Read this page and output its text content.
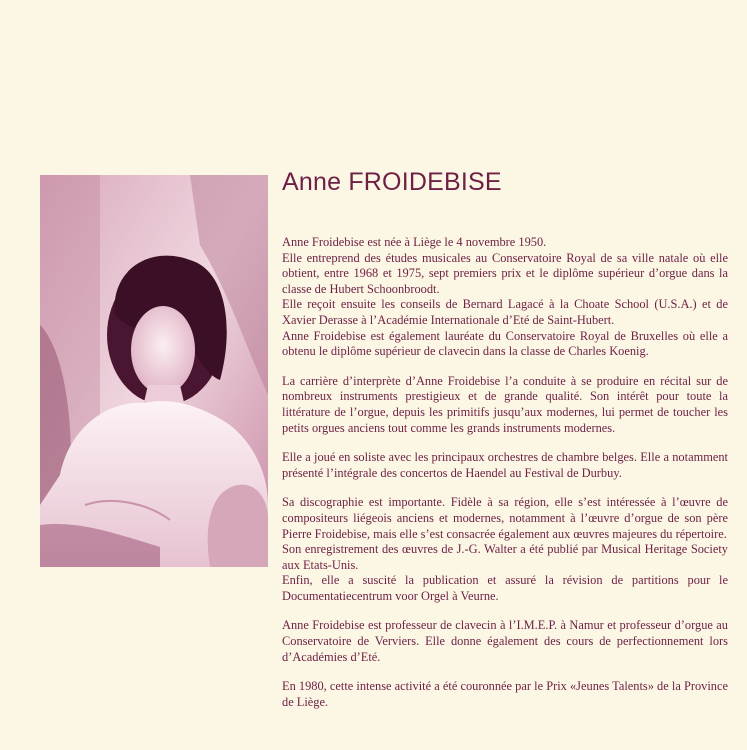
Anne FROIDEBISE

Anne Froidebise est née à Liège le 4 novembre 1950.
Elle entreprend des études musicales au Conservatoire Royal de sa ville natale où elle obtient, entre 1968 et 1975, sept premiers prix et le diplôme supérieur d’orgue dans la classe de Hubert Schoonbroodt.
Elle reçoit ensuite les conseils de Bernard Lagacé à la Choate School (U.S.A.) et de Xavier Derasse à l’Académie Internationale d’Eté de Saint-Hubert.
Anne Froidebise est également lauréate du Conservatoire Royal de Bruxelles où elle a obtenu le diplôme supérieur de clavecin dans la classe de Charles Koenig.

La carrière d’interprète d’Anne Froidebise l’a conduite à se produire en récital sur de nombreux instruments prestigieux et de grande qualité. Son intérêt pour toute la littérature de l’orgue, depuis les primitifs jusqu’aux modernes, lui permet de toucher les petits orgues anciens tout comme les grands instruments modernes.

Elle a joué en soliste avec les principaux orchestres de chambre belges. Elle a notamment présenté l’intégrale des concertos de Haendel au Festival de Durbuy.

Sa discographie est importante. Fidèle à sa région, elle s’est intéressée à l’œuvre de compositeurs liégeois anciens et modernes, notamment à l’œuvre d’orgue de son père Pierre Froidebise, mais elle s’est consacrée également aux œuvres majeures du répertoire.
Son enregistrement des œuvres de J.-G. Walter a été publié par Musical Heritage Society aux Etats-Unis.
Enfin, elle a suscité la publication et assuré la révision de partitions pour le Documentatiecentrum voor Orgel à Veurne.

Anne Froidebise est professeur de clavecin à l’I.M.E.P. à Namur et professeur d’orgue au Conservatoire de Verviers. Elle donne également des cours de perfectionnement lors d’Académies d’Eté.

En 1980, cette intense activité a été couronnée par le Prix «Jeunes Talents» de la Province de Liège.
